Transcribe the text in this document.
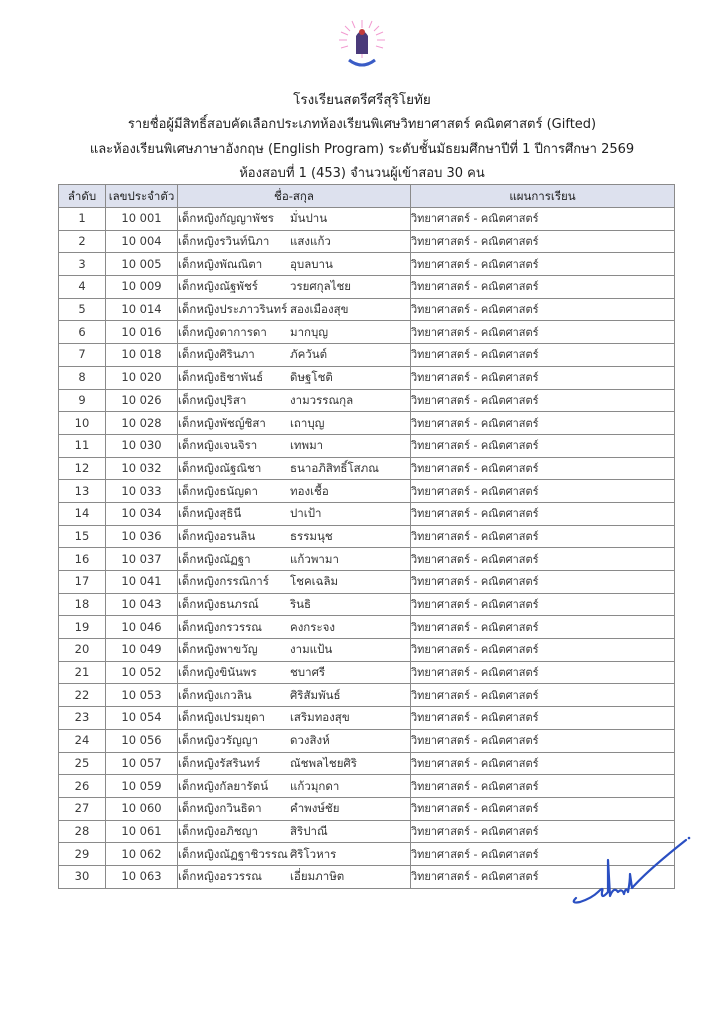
โรงเรียนสตรีศรีสุริโยทัย
รายชื่อผู้มีสิทธิ์สอบคัดเลือกประเภทห้องเรียนพิเศษวิทยาศาสตร์ คณิตศาสตร์ (Gifted)
และห้องเรียนพิเศษภาษาอังกฤษ (English Program) ระดับชั้นมัธยมศึกษาปีที่ 1 ปีการศึกษา 2569
ห้องสอบที่ 1 (453) จำนวนผู้เข้าสอบ 30 คน
ลำดับ	เลขประจำตัว	ชื่อ-สกุล	แผนการเรียน
1	10 001	เด็กหญิงกัญญาพัชร มั่นปาน	วิทยาศาสตร์ - คณิตศาสตร์
2	10 004	เด็กหญิงรวินท์นิภา แสงแก้ว	วิทยาศาสตร์ - คณิตศาสตร์
3	10 005	เด็กหญิงพัณณิตา อุบลบาน	วิทยาศาสตร์ - คณิตศาสตร์
4	10 009	เด็กหญิงณัฐพัชร์ วรยศกุลไชย	วิทยาศาสตร์ - คณิตศาสตร์
5	10 014	เด็กหญิงประภาวรินทร์ สองเมืองสุข	วิทยาศาสตร์ - คณิตศาสตร์
6	10 016	เด็กหญิงดาการดา มากบุญ	วิทยาศาสตร์ - คณิตศาสตร์
7	10 018	เด็กหญิงศิรินภา ภัควันต์	วิทยาศาสตร์ - คณิตศาสตร์
8	10 020	เด็กหญิงธิชาพันธ์ ดิษฐโชติ	วิทยาศาสตร์ - คณิตศาสตร์
9	10 026	เด็กหญิงปุริสา งามวรรณกุล	วิทยาศาสตร์ - คณิตศาสตร์
10	10 028	เด็กหญิงพัชญ์ชิสา เถาบุญ	วิทยาศาสตร์ - คณิตศาสตร์
11	10 030	เด็กหญิงเจนจิรา เทพมา	วิทยาศาสตร์ - คณิตศาสตร์
12	10 032	เด็กหญิงณัฐณิชา ธนาอภิสิทธิ์โสภณ	วิทยาศาสตร์ - คณิตศาสตร์
13	10 033	เด็กหญิงธนัญดา ทองเชื้อ	วิทยาศาสตร์ - คณิตศาสตร์
14	10 034	เด็กหญิงสุธินี ปาเป้า	วิทยาศาสตร์ - คณิตศาสตร์
15	10 036	เด็กหญิงอรนลิน ธรรมนุช	วิทยาศาสตร์ - คณิตศาสตร์
16	10 037	เด็กหญิงณัฏฐา แก้วพามา	วิทยาศาสตร์ - คณิตศาสตร์
17	10 041	เด็กหญิงกรรณิการ์ โชคเฉลิม	วิทยาศาสตร์ - คณิตศาสตร์
18	10 043	เด็กหญิงธนภรณ์ รินธิ	วิทยาศาสตร์ - คณิตศาสตร์
19	10 046	เด็กหญิงกรวรรณ คงกระจง	วิทยาศาสตร์ - คณิตศาสตร์
20	10 049	เด็กหญิงพาขวัญ งามแป้น	วิทยาศาสตร์ - คณิตศาสตร์
21	10 052	เด็กหญิงขินันพร ชบาศรี	วิทยาศาสตร์ - คณิตศาสตร์
22	10 053	เด็กหญิงเกวลิน ศิริสัมพันธ์	วิทยาศาสตร์ - คณิตศาสตร์
23	10 054	เด็กหญิงเปรมยุดา เสริมทองสุข	วิทยาศาสตร์ - คณิตศาสตร์
24	10 056	เด็กหญิงวรัญญา ดวงสิงห์	วิทยาศาสตร์ - คณิตศาสตร์
25	10 057	เด็กหญิงรัสรินทร์ ณัชพลไชยศิริ	วิทยาศาสตร์ - คณิตศาสตร์
26	10 059	เด็กหญิงกัลยารัตน์ แก้วมุกดา	วิทยาศาสตร์ - คณิตศาสตร์
27	10 060	เด็กหญิงกวินธิดา คำพงษ์ชัย	วิทยาศาสตร์ - คณิตศาสตร์
28	10 061	เด็กหญิงอภิชญา สิริปาณี	วิทยาศาสตร์ - คณิตศาสตร์
29	10 062	เด็กหญิงณัฏฐาชิวรรณ ศิริโวหาร	วิทยาศาสตร์ - คณิตศาสตร์
30	10 063	เด็กหญิงอรวรรณ เอี่ยมภาษิต	วิทยาศาสตร์ - คณิตศาสตร์
